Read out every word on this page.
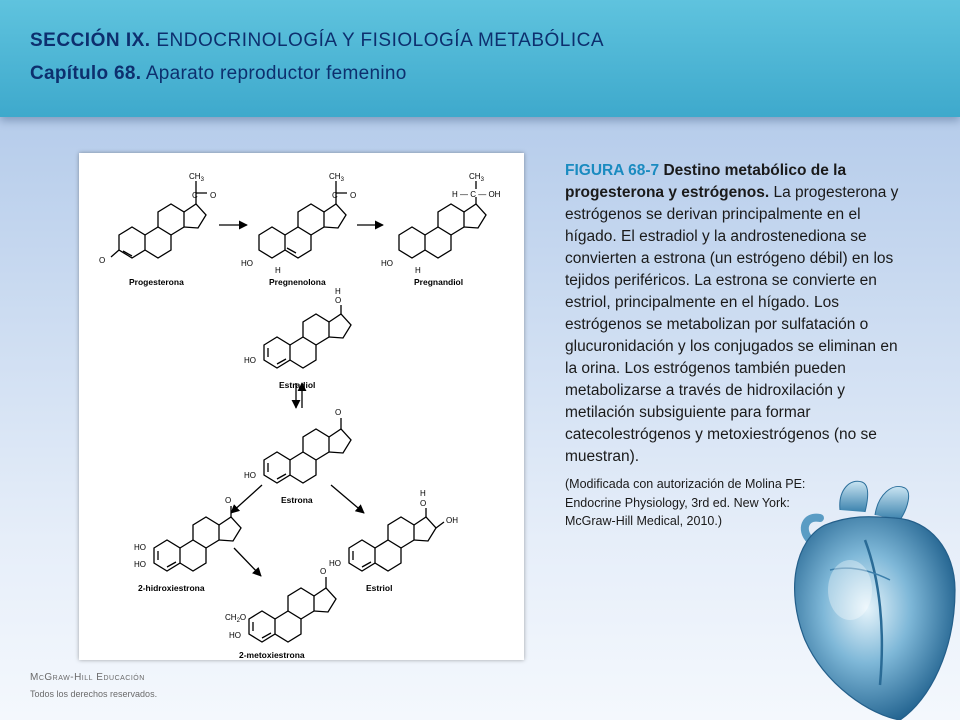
SECCIÓN IX. ENDOCRINOLOGÍA Y FISIOLOGÍA METABÓLICA
Capítulo 68. Aparato reproductor femenino
O
$CH_3$
C O
Progesterona
HO
H
$CH_3$
C O
Pregnenolona
HO
H
$CH_3$
H — C — OH
Pregnandiol
O
H
HO
Estradiol
O
HO
Estrona
O
HO
HO
2-hidroxiestrona
O
H
OH
HO
Estriol
O
$CH_2O$
HO
2-metoxiestrona
FIGURA 68-7 Destino metabólico de la progesterona y estrógenos. La progesterona y estrógenos se derivan principalmente en el hígado. El estradiol y la androstenediona se convierten a estrona (un estrógeno débil) en los tejidos periféricos. La estrona se convierte en estriol, principalmente en el hígado. Los estrógenos se metabolizan por sulfatación o glucuronidación y los conjugados se eliminan en la orina. Los estrógenos también pueden metabolizarse a través de hidroxilación y metilación subsiguiente para formar catecolestrógenos y metoxiestrógenos (no se muestran).
(Modificada con autorización de Molina PE:
Endocrine Physiology, 3rd ed. New York:
McGraw-Hill Medical, 2010.)
McGraw-Hill Educación
Todos los derechos reservados.
